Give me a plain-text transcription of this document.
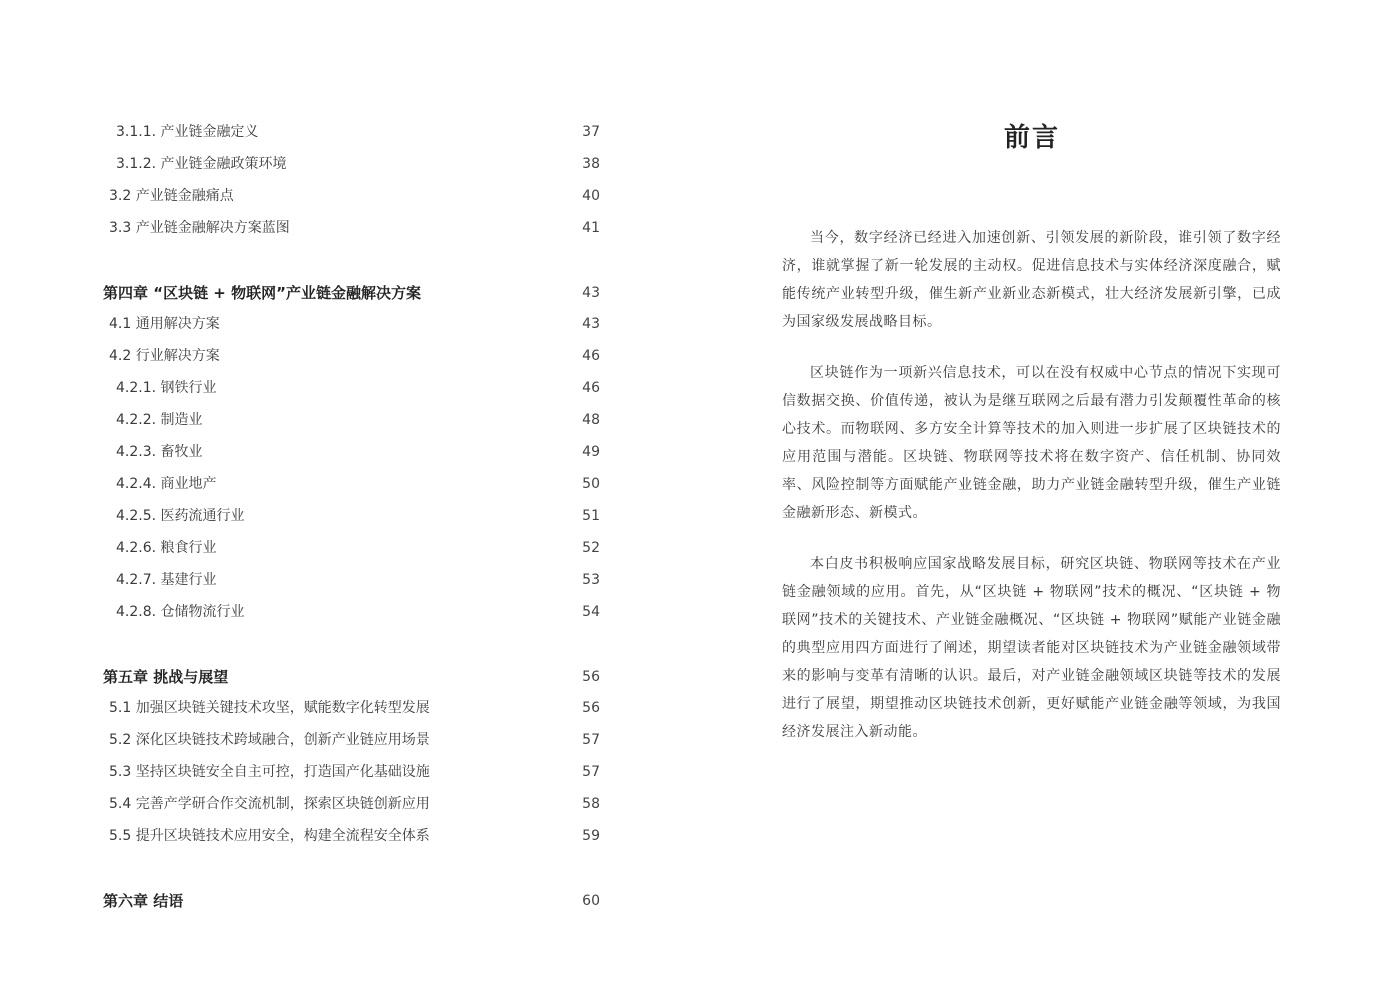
3.1.1. 产业链金融定义	37
3.1.2. 产业链金融政策环境	38
3.2 产业链金融痛点	40
3.3 产业链金融解决方案蓝图	41
第四章 “区块链 + 物联网”产业链金融解决方案	43
4.1 通用解决方案	43
4.2 行业解决方案	46
4.2.1. 钢铁行业	46
4.2.2. 制造业	48
4.2.3. 畜牧业	49
4.2.4. 商业地产	50
4.2.5. 医药流通行业	51
4.2.6. 粮食行业	52
4.2.7. 基建行业	53
4.2.8. 仓储物流行业	54
第五章 挑战与展望	56
5.1 加强区块链关键技术攻坚，赋能数字化转型发展	56
5.2 深化区块链技术跨域融合，创新产业链应用场景	57
5.3 坚持区块链安全自主可控，打造国产化基础设施	57
5.4 完善产学研合作交流机制，探索区块链创新应用	58
5.5 提升区块链技术应用安全，构建全流程安全体系	59
第六章 结语	60
前言

当今，数字经济已经进入加速创新、引领发展的新阶段，谁引领了数字经济，谁就掌握了新一轮发展的主动权。促进信息技术与实体经济深度融合，赋能传统产业转型升级，催生新产业新业态新模式，壮大经济发展新引擎，已成为国家级发展战略目标。

区块链作为一项新兴信息技术，可以在没有权威中心节点的情况下实现可信数据交换、价值传递，被认为是继互联网之后最有潜力引发颠覆性革命的核心技术。而物联网、多方安全计算等技术的加入则进一步扩展了区块链技术的应用范围与潜能。区块链、物联网等技术将在数字资产、信任机制、协同效率、风险控制等方面赋能产业链金融，助力产业链金融转型升级，催生产业链金融新形态、新模式。

本白皮书积极响应国家战略发展目标，研究区块链、物联网等技术在产业链金融领域的应用。首先，从“区块链 + 物联网”技术的概况、“区块链 + 物联网”技术的关键技术、产业链金融概况、“区块链 + 物联网”赋能产业链金融的典型应用四方面进行了阐述，期望读者能对区块链技术为产业链金融领域带来的影响与变革有清晰的认识。最后，对产业链金融领域区块链等技术的发展进行了展望，期望推动区块链技术创新，更好赋能产业链金融等领域，为我国经济发展注入新动能。
